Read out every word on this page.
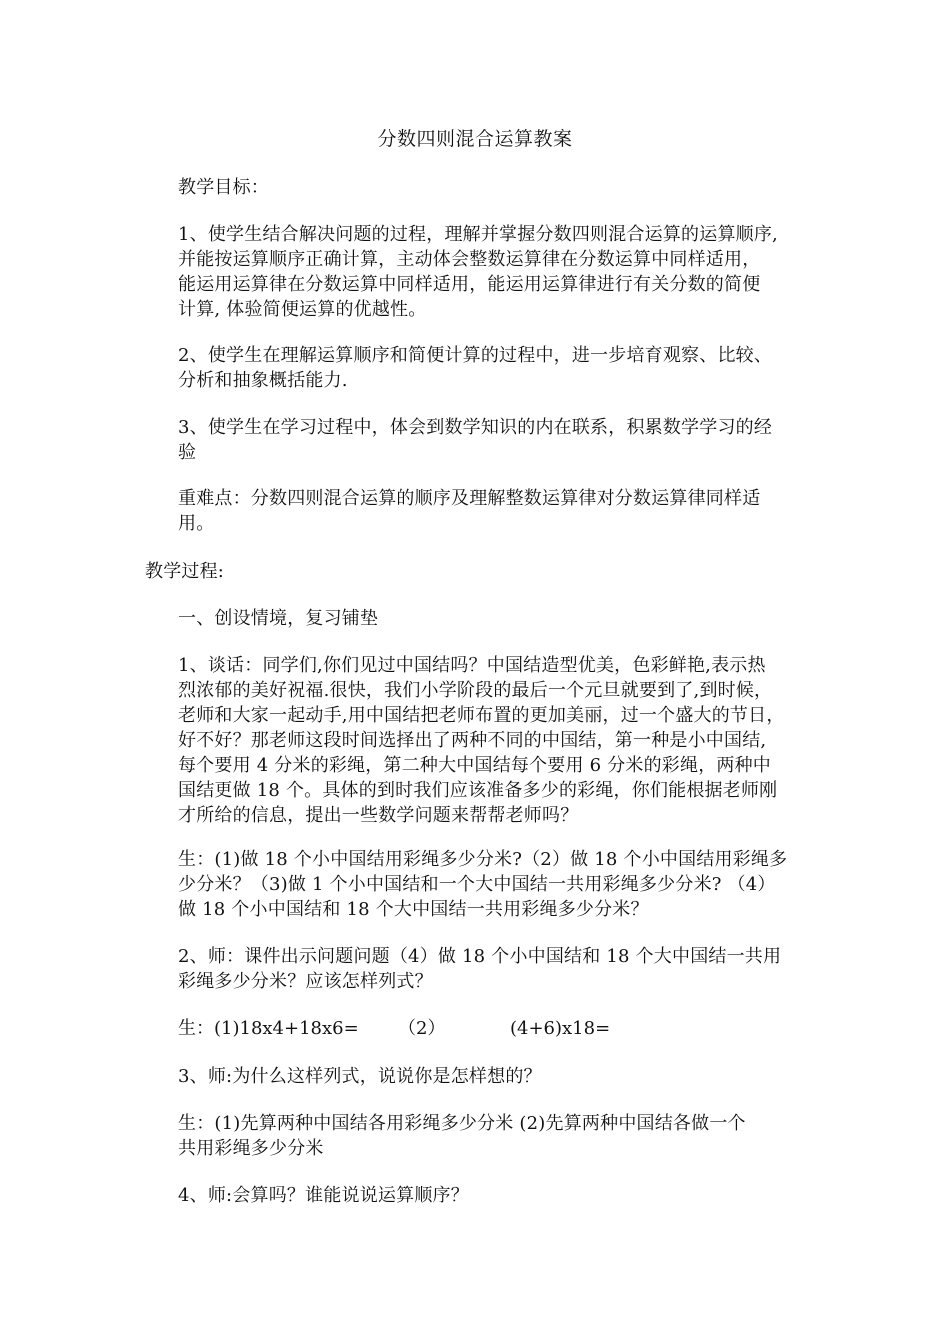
分数四则混合运算教案

教学目标：

1、使学生结合解决问题的过程，理解并掌握分数四则混合运算的运算顺序,
并能按运算顺序正确计算，主动体会整数运算律在分数运算中同样适用，
能运用运算律在分数运算中同样适用，能运用运算律进行有关分数的简便
计算, 体验简便运算的优越性。

2、使学生在理解运算顺序和简便计算的过程中，进一步培育观察、比较、
分析和抽象概括能力.

3、使学生在学习过程中，体会到数学知识的内在联系，积累数学学习的经
验

重难点：分数四则混合运算的顺序及理解整数运算律对分数运算律同样适
用。

教学过程:

一、创设情境，复习铺垫

1、谈话：同学们,你们见过中国结吗？中国结造型优美，色彩鲜艳,表示热
烈浓郁的美好祝福.很快，我们小学阶段的最后一个元旦就要到了,到时候，
老师和大家一起动手,用中国结把老师布置的更加美丽，过一个盛大的节日，
好不好？那老师这段时间选择出了两种不同的中国结，第一种是小中国结,
每个要用 4 分米的彩绳，第二种大中国结每个要用 6 分米的彩绳，两种中
国结更做 18 个。具体的到时我们应该准备多少的彩绳，你们能根据老师刚
才所给的信息，提出一些数学问题来帮帮老师吗？

生：(1)做 18 个小中国结用彩绳多少分米?（2）做 18 个小中国结用彩绳多
少分米？（3)做 1 个小中国结和一个大中国结一共用彩绳多少分米? （4）
做 18 个小中国结和 18 个大中国结一共用彩绳多少分米？

2、师：课件出示问题问题（4）做 18 个小中国结和 18 个大中国结一共用
彩绳多少分米？应该怎样列式？

生：(1)18x4+18x6= （2）	(4+6)x18=

3、师:为什么这样列式，说说你是怎样想的？

生：(1)先算两种中国结各用彩绳多少分米 (2)先算两种中国结各做一个
共用彩绳多少分米

4、师:会算吗？谁能说说运算顺序？
